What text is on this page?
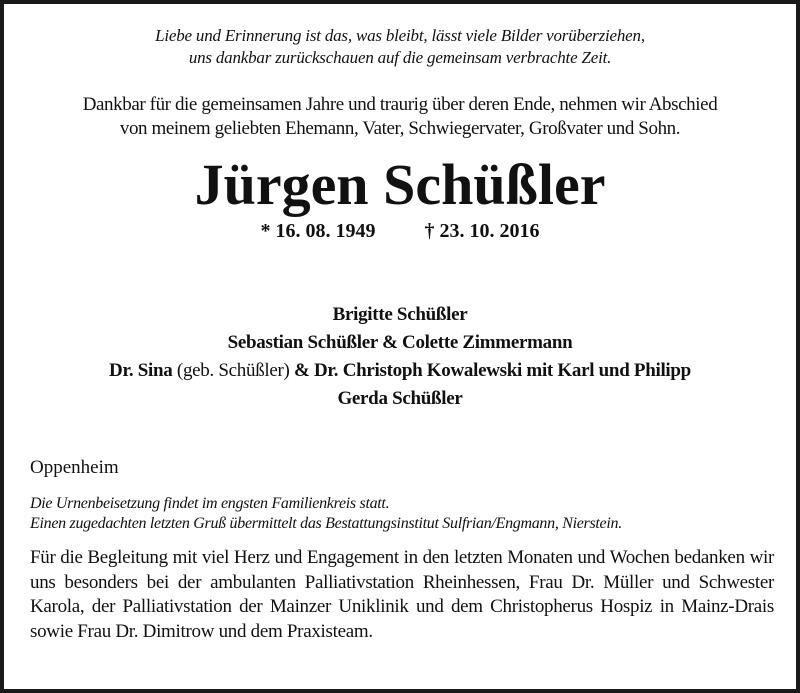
Liebe und Erinnerung ist das, was bleibt, lässt viele Bilder vorüberziehen,
uns dankbar zurückschauen auf die gemeinsam verbrachte Zeit.
Dankbar für die gemeinsamen Jahre und traurig über deren Ende, nehmen wir Abschied
von meinem geliebten Ehemann, Vater, Schwiegervater, Großvater und Sohn.
Jürgen Schüßler
* 16. 08. 1949 † 23. 10. 2016
Brigitte Schüßler
Sebastian Schüßler & Colette Zimmermann
Dr. Sina (geb. Schüßler) & Dr. Christoph Kowalewski mit Karl und Philipp
Gerda Schüßler
Oppenheim
Die Urnenbeisetzung findet im engsten Familienkreis statt.
Einen zugedachten letzten Gruß übermittelt das Bestattungsinstitut Sulfrian/Engmann, Nierstein.
Für die Begleitung mit viel Herz und Engagement in den letzten Monaten und Wochen bedanken wir uns besonders bei der ambulanten Palliativstation Rheinhessen, Frau Dr. Müller und Schwester Karola, der Palliativstation der Mainzer Uniklinik und dem Christopherus Hospiz in Mainz-Drais sowie Frau Dr. Dimitrow und dem Praxisteam.
